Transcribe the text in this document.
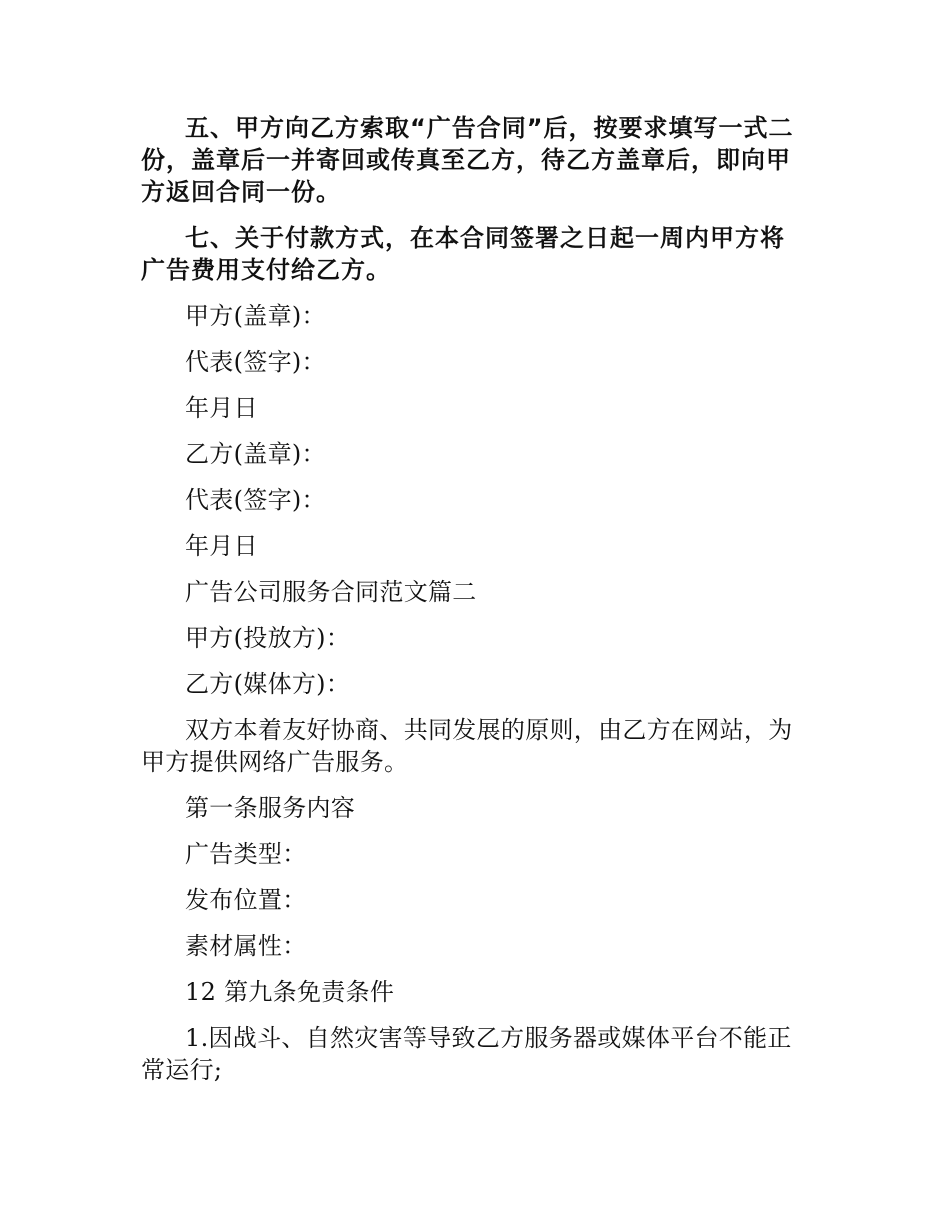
五、甲方向乙方索取“广告合同”后，按要求填写一式二份，盖章后一并寄回或传真至乙方，待乙方盖章后，即向甲方返回合同一份。

七、关于付款方式，在本合同签署之日起一周内甲方将广告费用支付给乙方。

甲方(盖章)：

代表(签字)：

年月日

乙方(盖章)：

代表(签字)：

年月日

广告公司服务合同范文篇二

甲方(投放方)：

乙方(媒体方)：

双方本着友好协商、共同发展的原则，由乙方在网站，为甲方提供网络广告服务。

第一条服务内容

广告类型：

发布位置：

素材属性：

12 第九条免责条件

1.因战斗、自然灾害等导致乙方服务器或媒体平台不能正常运行;
